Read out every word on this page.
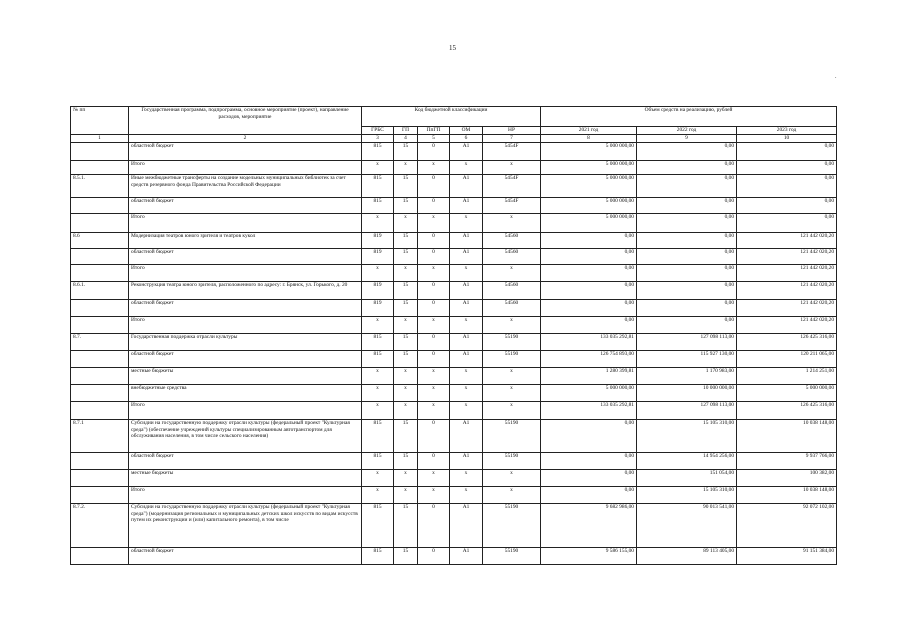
15
.
№ пп	Государственная программа, подпрограмма, основное мероприятие (проект), направление расходов, мероприятие	Код бюджетной классификации					Объем средств на реализацию, рублей		
		ГРБС	ГП	ПпГП	ОМ	НР	2021 год	2022 год	2023 год
1	2	3	4	5	6	7	8	9	10
	областной бюджет	815	15	0	А1	5454F	5 000 000,00	0,00	0,00
	Итого	х	х	х	х	х	5 000 000,00	0,00	0,00
8.5.1.	Иные межбюджетные трансферты на создание модельных муниципальных библиотек за счет средств резервного фонда Правительства Российской Федерации	815	15	0	А1	5454F	5 000 000,00	0,00	0,00
	областной бюджет	815	15	0	А1	5454F	5 000 000,00	0,00	0,00
	Итого	х	х	х	х	х	5 000 000,00	0,00	0,00
8.6	Модернизация театров юного зрителя и театров кукол	819	15	0	А1	54560	0,00	0,00	121 442 020,20
	областной бюджет	819	15	0	А1	54560	0,00	0,00	121 442 020,20
	Итого	х	х	х	х	х	0,00	0,00	121 442 020,20
8.6.1.	Реконструкция театра юного зрителя, расположенного по адресу: г. Брянск, ул. Горького, д. 20	819	15	0	А1	54560	0,00	0,00	121 442 020,20
	областной бюджет	819	15	0	А1	54560	0,00	0,00	121 442 020,20
	Итого	х	х	х	х	х	0,00	0,00	121 442 020,20
8.7.	Государственная поддержка отрасли культуры	815	15	0	А1	55190	133 035 292,81	127 098 113,00	126 425 316,00
	областной бюджет	815	15	0	А1	55190	126 754 893,00	115 927 130,00	120 211 065,00
	местные бюджеты	х	х	х	х	х	1 280 399,81	1 170 983,00	1 214 251,00
	внебюджетные средства	х	х	х	х	х	5 000 000,00	10 000 000,00	5 000 000,00
	Итого	х	х	х	х	х	133 035 292,81	127 098 113,00	126 425 316,00
8.7.1	Субсидии на государственную поддержку отрасли культуры (федеральный проект "Культурная среда") (обеспечение учреждений культуры специализированным автотранспортом для обслуживания населения, в том числе сельского населения)	815	15	0	А1	55190	0,00	15 105 310,00	10 038 148,00
	областной бюджет	815	15	0	А1	55190	0,00	14 954 256,00	9 937 766,00
	местные бюджеты	х	х	х	х	х	0,00	151 054,00	100 382,00
	Итого	х	х	х	х	х	0,00	15 105 310,00	10 038 148,00
8.7.2.	Субсидии на государственную поддержку отрасли культуры (федеральный проект "Культурная среда") (модернизация региональных и муниципальных детских школ искусств по видам искусств путем их реконструкции и (или) капитального ремонта), в том числе	815	15	0	А1	55190	9 682 986,00	90 013 541,00	92 072 102,00
	областной бюджет	815	15	0	А1	55190	9 586 155,00	89 113 405,00	91 151 384,00
